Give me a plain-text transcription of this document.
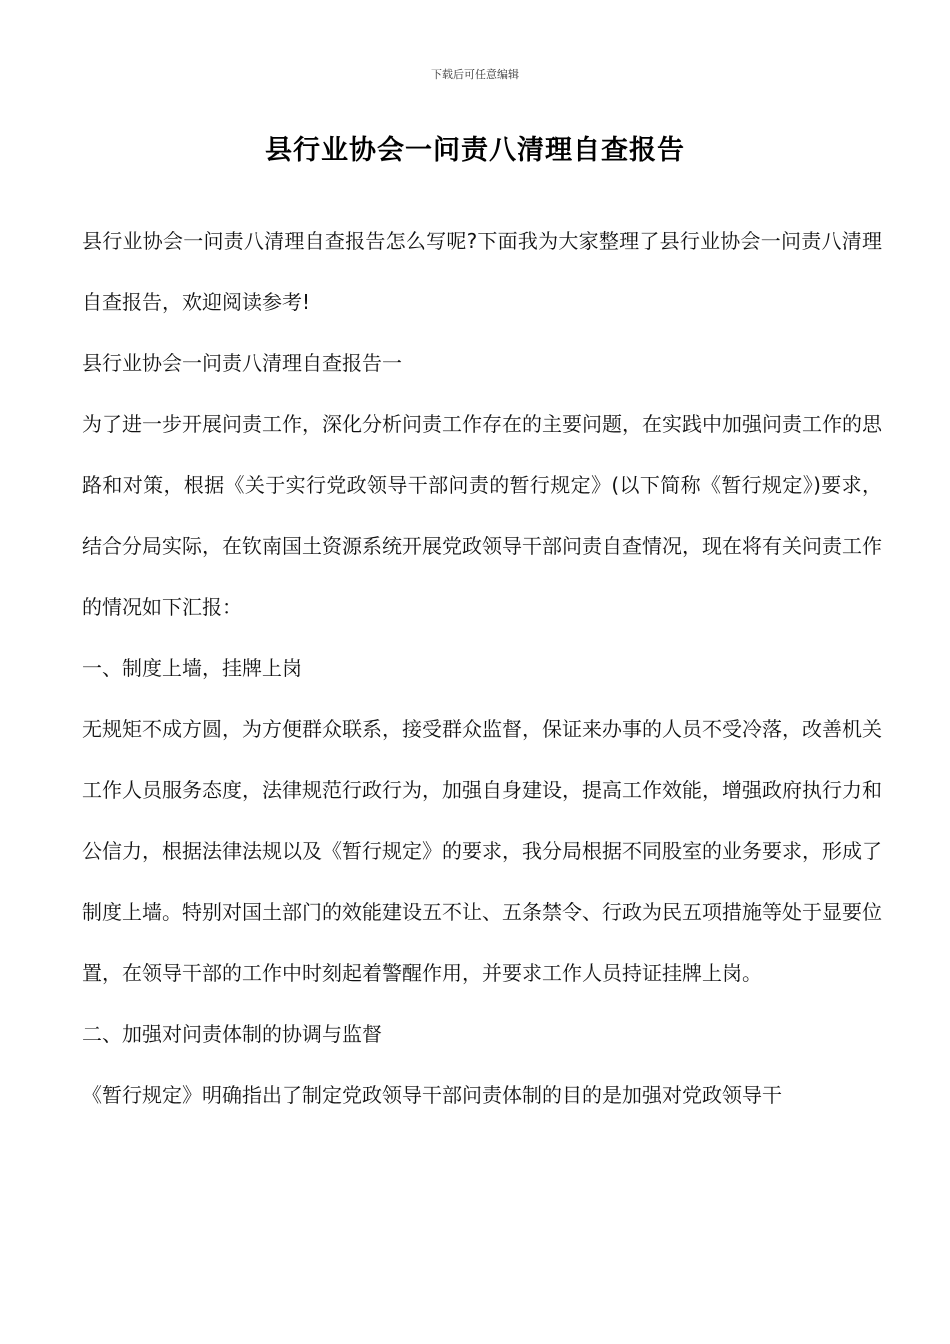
下载后可任意编辑
县行业协会一问责八清理自查报告

县行业协会一问责八清理自查报告怎么写呢?下面我为大家整理了县行业协会一问责八清理自查报告，欢迎阅读参考!

县行业协会一问责八清理自查报告一

为了进一步开展问责工作，深化分析问责工作存在的主要问题，在实践中加强问责工作的思路和对策，根据《关于实行党政领导干部问责的暂行规定》(以下简称《暂行规定》)要求，结合分局实际，在钦南国土资源系统开展党政领导干部问责自查情况，现在将有关问责工作的情况如下汇报：

一、制度上墙，挂牌上岗

无规矩不成方圆，为方便群众联系，接受群众监督，保证来办事的人员不受冷落，改善机关工作人员服务态度，法律规范行政行为，加强自身建设，提高工作效能，增强政府执行力和公信力，根据法律法规以及《暂行规定》的要求，我分局根据不同股室的业务要求，形成了制度上墙。特别对国土部门的效能建设五不让、五条禁令、行政为民五项措施等处于显要位置，在领导干部的工作中时刻起着警醒作用，并要求工作人员持证挂牌上岗。

二、加强对问责体制的协调与监督

《暂行规定》明确指出了制定党政领导干部问责体制的目的是加强对党政领导干
